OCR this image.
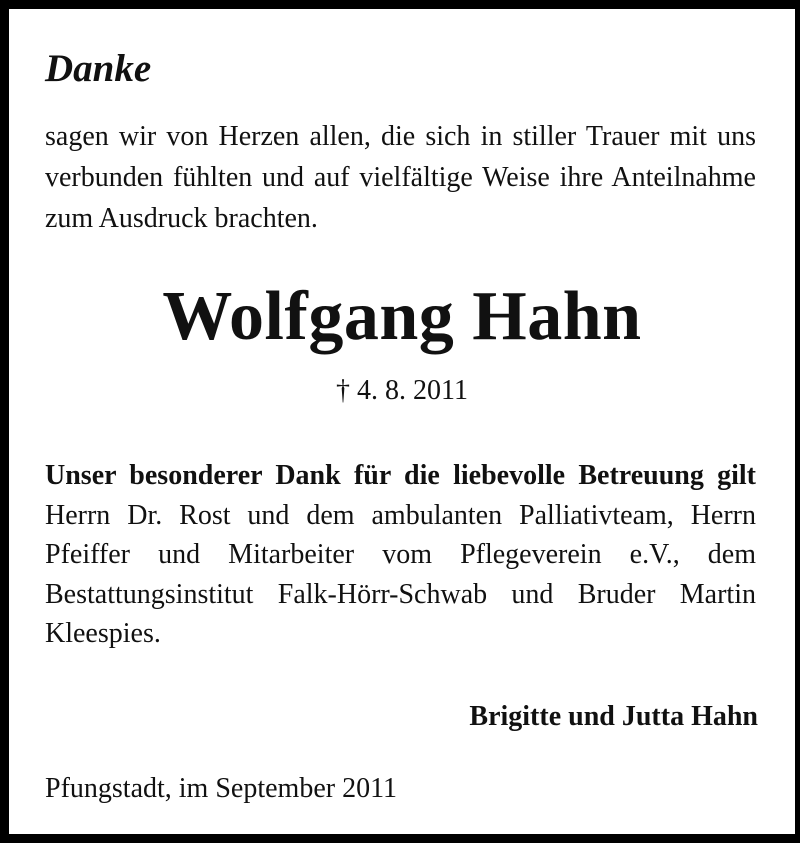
Danke

sagen wir von Herzen allen, die sich in stiller Trauer mit uns verbunden fühlten und auf vielfältige Weise ihre Anteilnahme zum Ausdruck brachten.

Wolfgang Hahn

† 4. 8. 2011

Unser besonderer Dank für die liebevolle Betreuung gilt Herrn Dr. Rost und dem ambulanten Palliativteam, Herrn Pfeiffer und Mitarbeiter vom Pflegeverein e.V., dem Bestattungsinstitut Falk-Hörr-Schwab und Bruder Martin Kleespies.

Brigitte und Jutta Hahn

Pfungstadt, im September 2011
